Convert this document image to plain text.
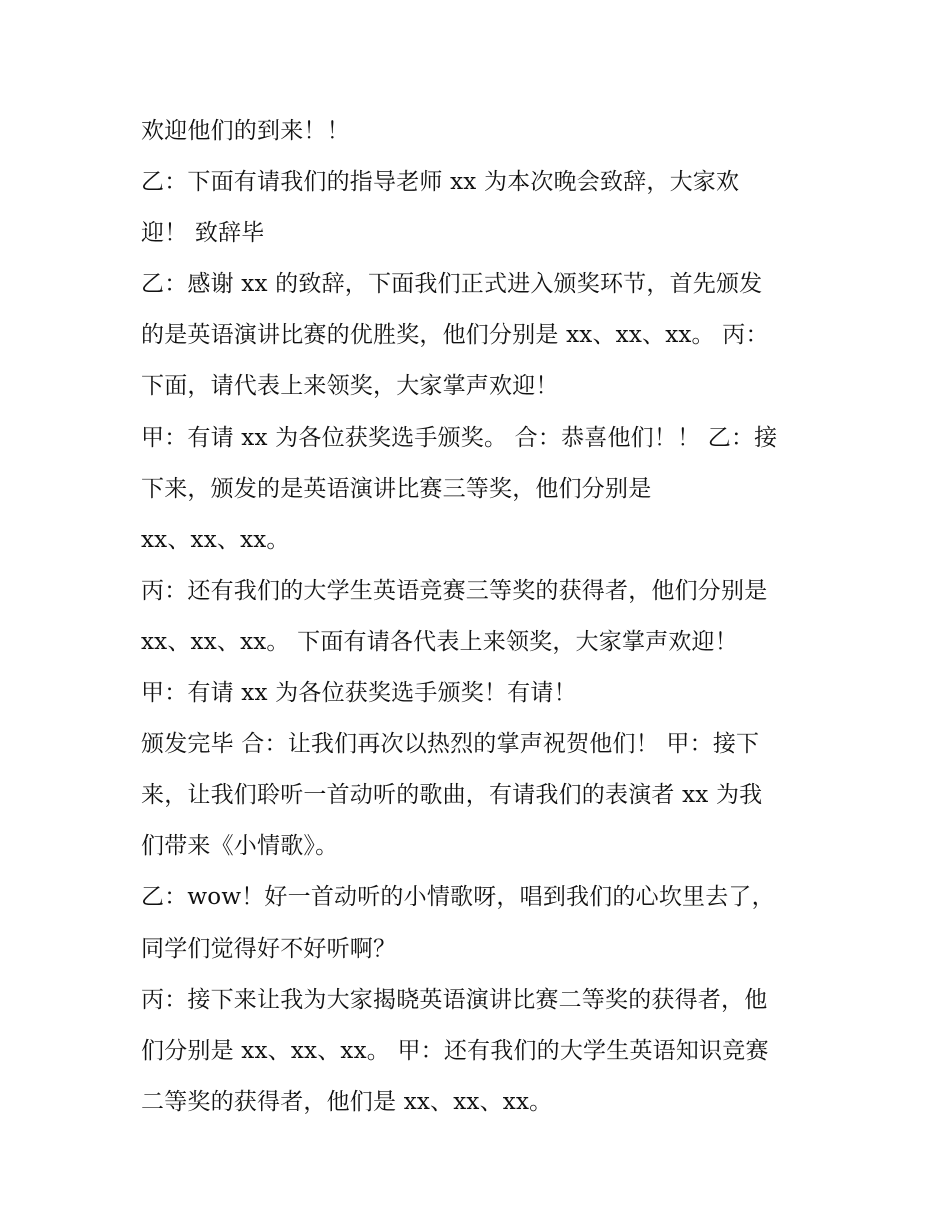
欢迎他们的到来！！
乙：下面有请我们的指导老师 xx 为本次晚会致辞，大家欢
迎！ 致辞毕
乙：感谢 xx 的致辞，下面我们正式进入颁奖环节，首先颁发
的是英语演讲比赛的优胜奖，他们分别是 xx、xx、xx。 丙：
下面，请代表上来领奖，大家掌声欢迎！
甲：有请 xx 为各位获奖选手颁奖。 合：恭喜他们！！ 乙：接
下来，颁发的是英语演讲比赛三等奖，他们分别是
xx、xx、xx。
丙：还有我们的大学生英语竞赛三等奖的获得者，他们分别是
xx、xx、xx。 下面有请各代表上来领奖，大家掌声欢迎！
甲：有请 xx 为各位获奖选手颁奖！有请！
颁发完毕 合：让我们再次以热烈的掌声祝贺他们！ 甲：接下
来，让我们聆听一首动听的歌曲，有请我们的表演者 xx 为我
们带来《小情歌》。
乙：wow！好一首动听的小情歌呀，唱到我们的心坎里去了，
同学们觉得好不好听啊？
丙：接下来让我为大家揭晓英语演讲比赛二等奖的获得者，他
们分别是 xx、xx、xx。 甲：还有我们的大学生英语知识竞赛
二等奖的获得者，他们是 xx、xx、xx。
